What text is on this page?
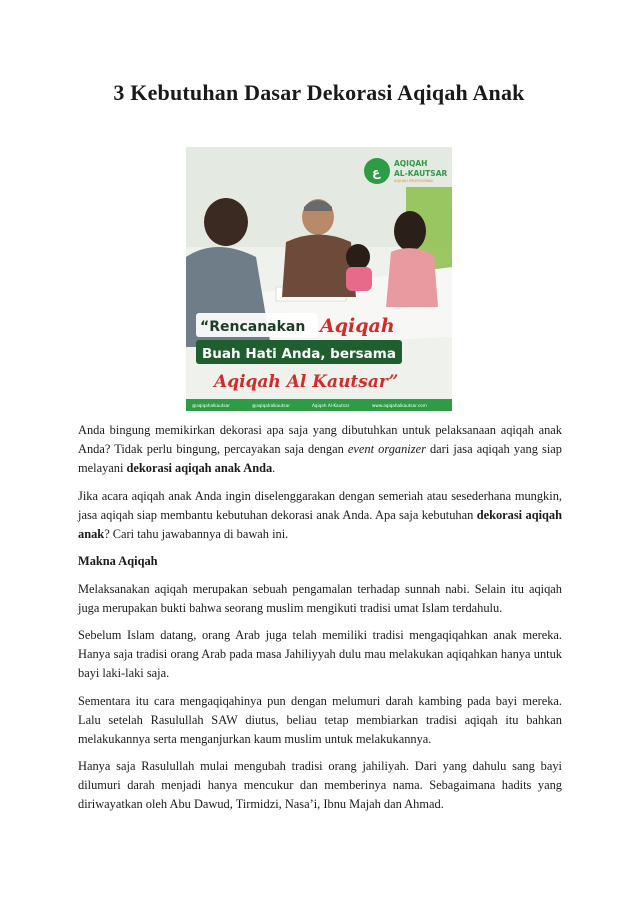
3 Kebutuhan Dasar Dekorasi Aqiqah Anak
ع
AQIQAH
AL-KAUTSAR
AQIQAH PROFESIONAL
“Rencanakan Aqiqah
Buah Hati Anda, bersama
Aqiqah Al Kautsar”
@aqiqahalkautsar	@aqiqahalkautsar	Aqiqah Al-Kautsar	www.aqiqahalkautsar.com

Anda bingung memikirkan dekorasi apa saja yang dibutuhkan untuk pelaksanaan aqiqah anak Anda? Tidak perlu bingung, percayakan saja dengan event organizer dari jasa aqiqah yang siap melayani dekorasi aqiqah anak Anda.

Jika acara aqiqah anak Anda ingin diselenggarakan dengan semeriah atau sesederhana mungkin, jasa aqiqah siap membantu kebutuhan dekorasi anak Anda. Apa saja kebutuhan dekorasi aqiqah anak? Cari tahu jawabannya di bawah ini.

Makna Aqiqah

Melaksanakan aqiqah merupakan sebuah pengamalan terhadap sunnah nabi. Selain itu aqiqah juga merupakan bukti bahwa seorang muslim mengikuti tradisi umat Islam terdahulu.

Sebelum Islam datang, orang Arab juga telah memiliki tradisi mengaqiqahkan anak mereka. Hanya saja tradisi orang Arab pada masa Jahiliyyah dulu mau melakukan aqiqahkan hanya untuk bayi laki-laki saja.

Sementara itu cara mengaqiqahinya pun dengan melumuri darah kambing pada bayi mereka. Lalu setelah Rasulullah SAW diutus, beliau tetap membiarkan tradisi aqiqah itu bahkan melakukannya serta menganjurkan kaum muslim untuk melakukannya.

Hanya saja Rasulullah mulai mengubah tradisi orang jahiliyah. Dari yang dahulu sang bayi dilumuri darah menjadi hanya mencukur dan memberinya nama. Sebagaimana hadits yang diriwayatkan oleh Abu Dawud, Tirmidzi, Nasa’i, Ibnu Majah dan Ahmad.
